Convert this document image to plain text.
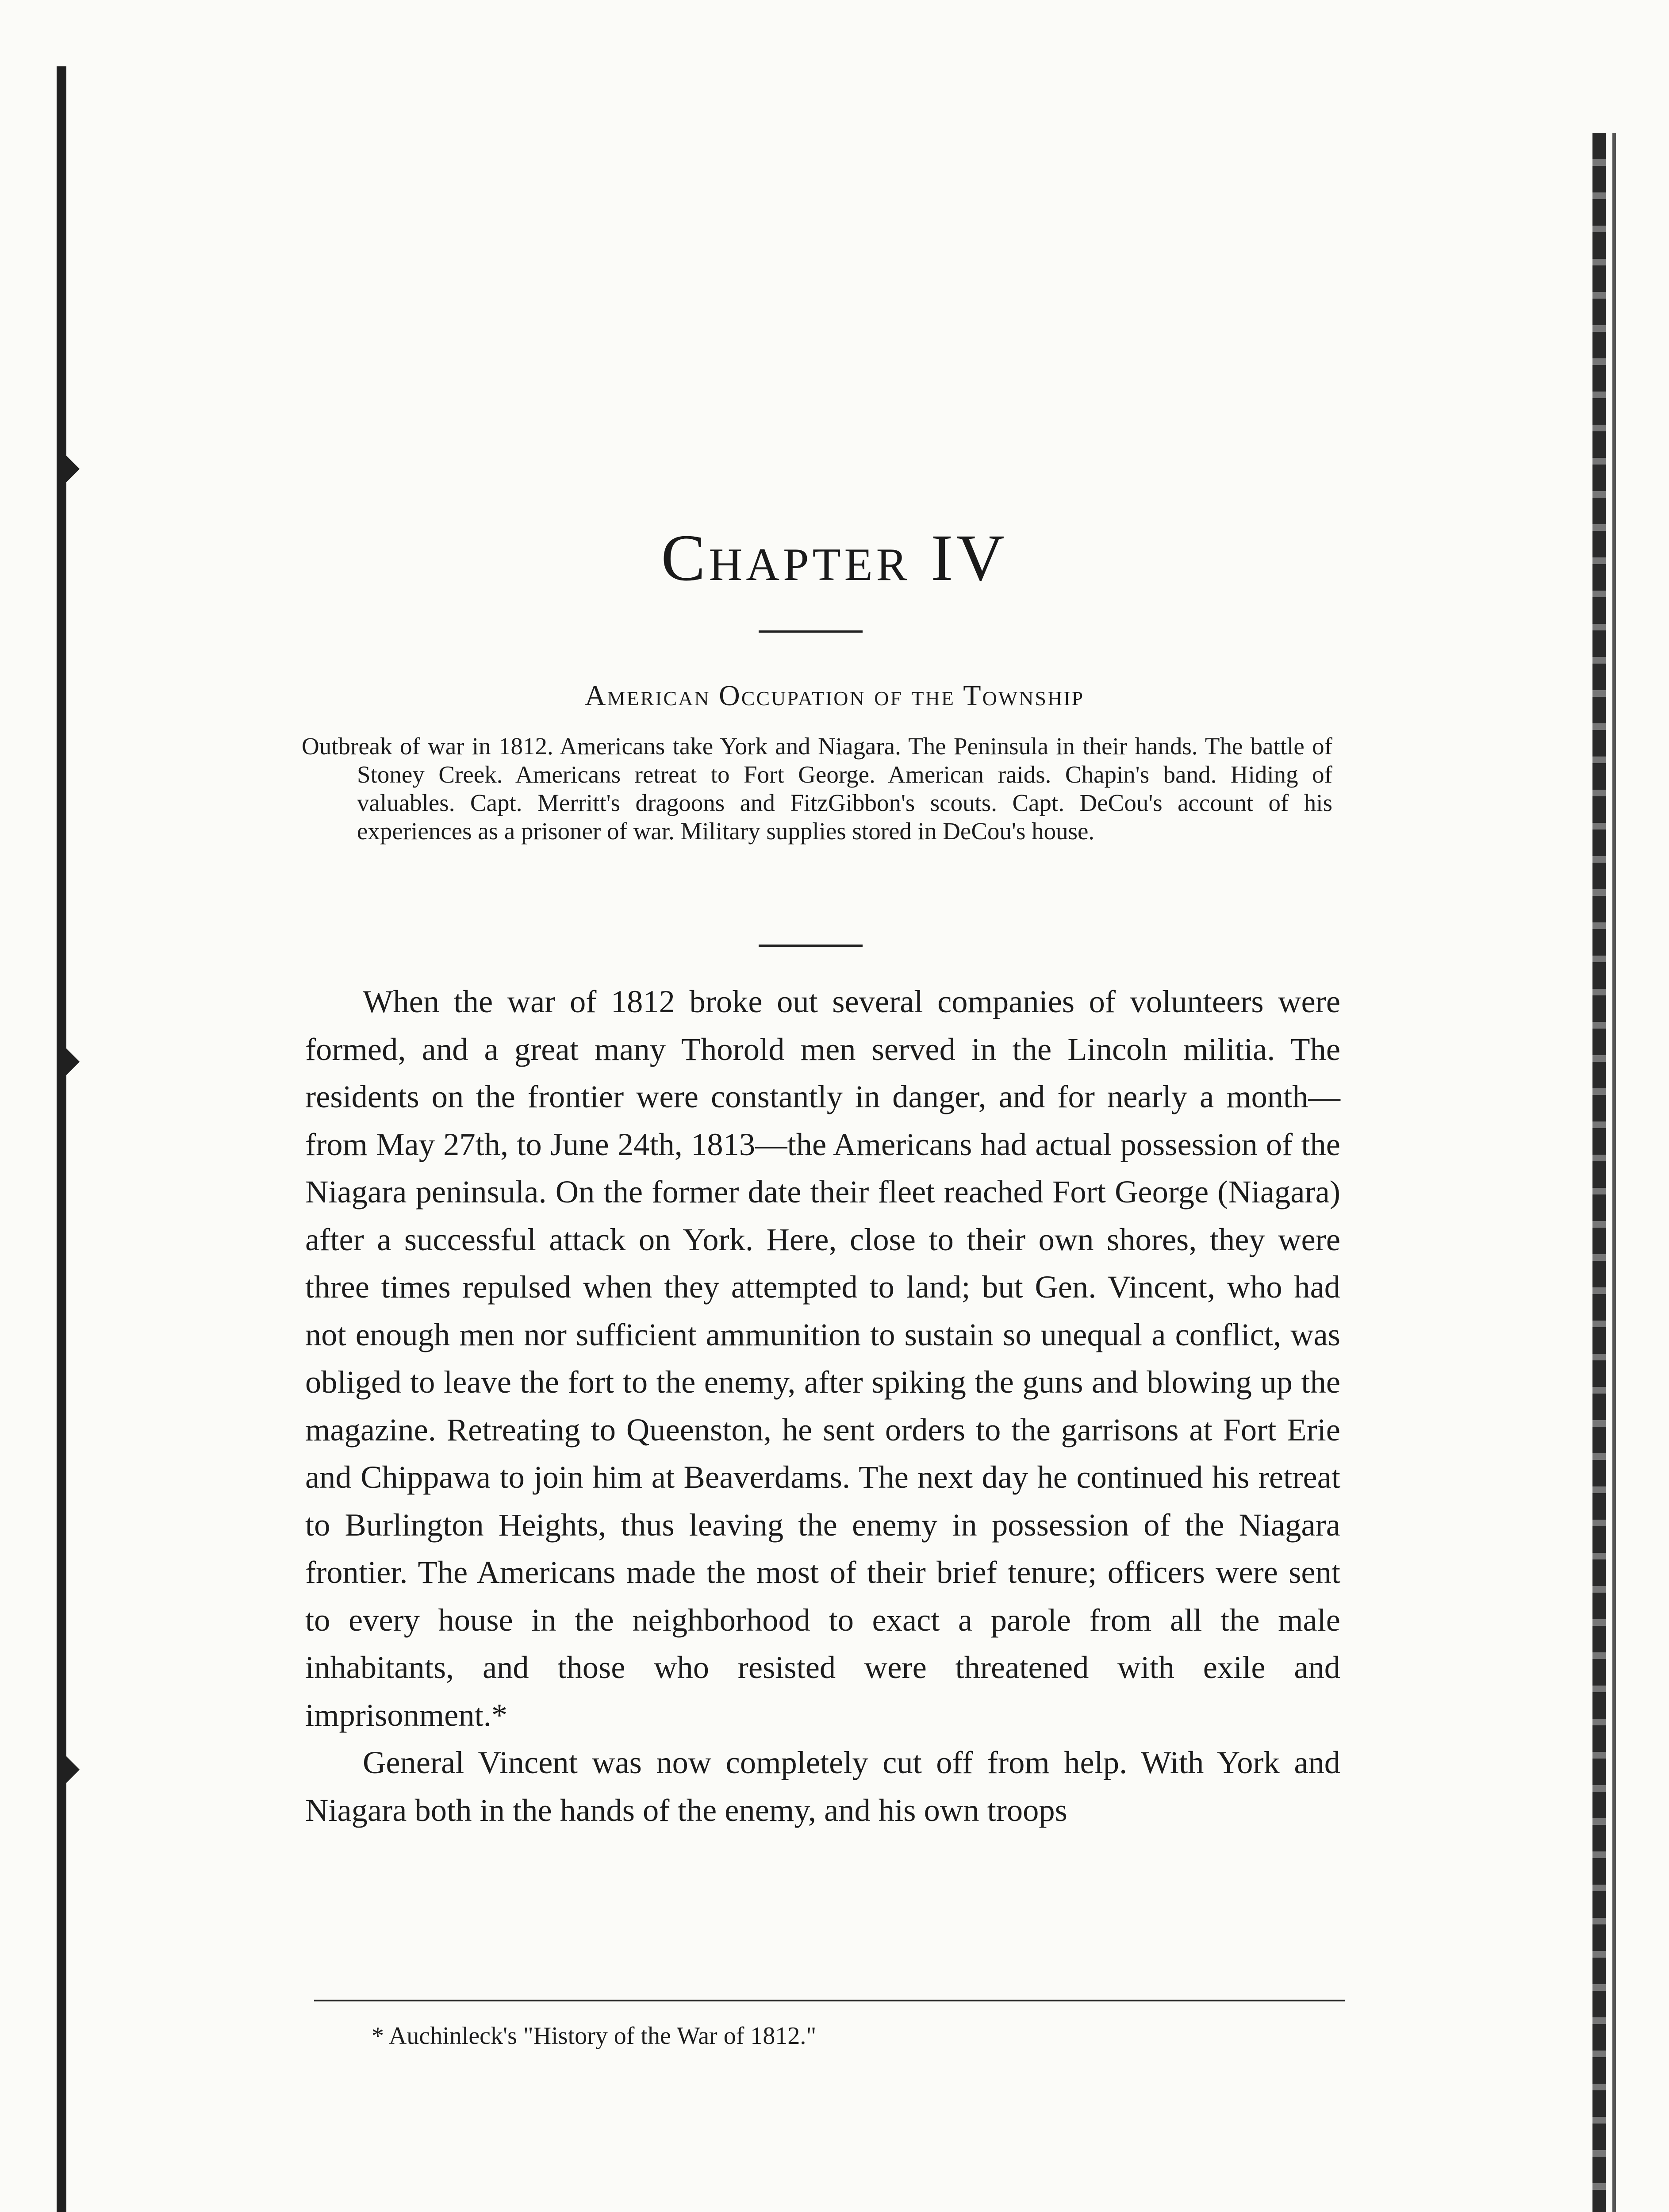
Chapter IV
American Occupation of the Township
Outbreak of war in 1812. Americans take York and Niagara. The Peninsula in their hands. The battle of Stoney Creek. Americans retreat to Fort George. American raids. Chapin's band. Hiding of valuables. Capt. Merritt's dragoons and FitzGibbon's scouts. Capt. DeCou's account of his experiences as a prisoner of war. Military supplies stored in DeCou's house.

When the war of 1812 broke out several companies of volunteers were formed, and a great many Thorold men served in the Lincoln militia. The residents on the frontier were constantly in danger, and for nearly a month—from May 27th, to June 24th, 1813—the Americans had actual possession of the Niagara peninsula. On the former date their fleet reached Fort George (Niagara) after a successful attack on York. Here, close to their own shores, they were three times repulsed when they attempted to land; but Gen. Vincent, who had not enough men nor sufficient ammunition to sustain so unequal a conflict, was obliged to leave the fort to the enemy, after spiking the guns and blowing up the magazine. Retreating to Queenston, he sent orders to the garrisons at Fort Erie and Chippawa to join him at Beaverdams. The next day he continued his retreat to Burlington Heights, thus leaving the enemy in possession of the Niagara frontier. The Americans made the most of their brief tenure; officers were sent to every house in the neighborhood to exact a parole from all the male inhabitants, and those who resisted were threatened with exile and imprisonment.*

General Vincent was now completely cut off from help. With York and Niagara both in the hands of the enemy, and his own troops

* Auchinleck's "History of the War of 1812."
